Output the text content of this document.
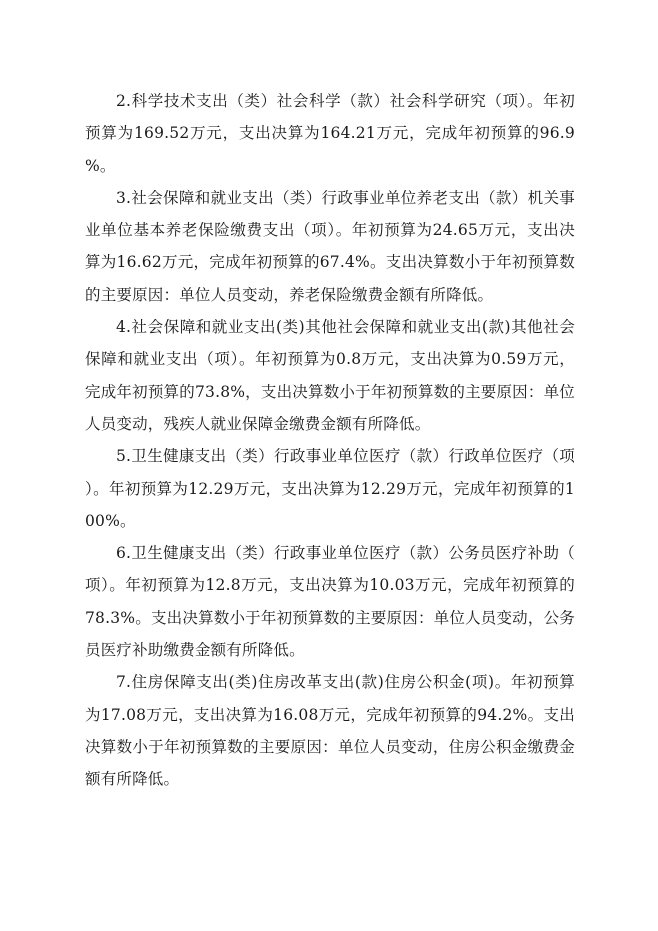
2.科学技术支出（类）社会科学（款）社会科学研究（项）。年初预算为169.52万元，支出决算为164.21万元，完成年初预算的96.9%。

3.社会保障和就业支出（类）行政事业单位养老支出（款）机关事业单位基本养老保险缴费支出（项）。年初预算为24.65万元，支出决算为16.62万元，完成年初预算的67.4%。支出决算数小于年初预算数的主要原因：单位人员变动，养老保险缴费金额有所降低。

4.社会保障和就业支出(类)其他社会保障和就业支出(款)其他社会保障和就业支出（项）。年初预算为0.8万元，支出决算为0.59万元，完成年初预算的73.8%，支出决算数小于年初预算数的主要原因：单位人员变动，残疾人就业保障金缴费金额有所降低。

5.卫生健康支出（类）行政事业单位医疗（款）行政单位医疗（项）。年初预算为12.29万元，支出决算为12.29万元，完成年初预算的100%。

6.卫生健康支出（类）行政事业单位医疗（款）公务员医疗补助（项）。年初预算为12.8万元，支出决算为10.03万元，完成年初预算的78.3%。支出决算数小于年初预算数的主要原因：单位人员变动，公务员医疗补助缴费金额有所降低。

7.住房保障支出(类)住房改革支出(款)住房公积金(项)。年初预算为17.08万元，支出决算为16.08万元，完成年初预算的94.2%。支出决算数小于年初预算数的主要原因：单位人员变动，住房公积金缴费金额有所降低。
